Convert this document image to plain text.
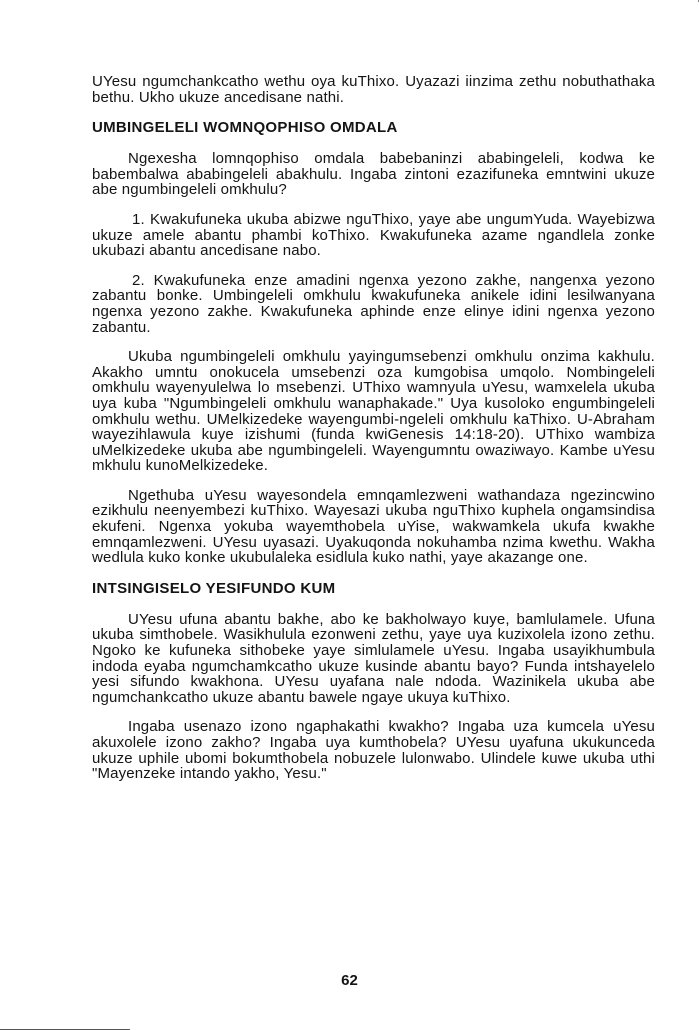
UYesu ngumchankcatho wethu oya kuThixo. Uyazazi iinzima zethu nobuthathaka bethu. Ukho ukuze ancedisane nathi.

UMBINGELELI WOMNQOPHISO OMDALA

Ngexesha lomnqophiso omdala babebaninzi ababingeleli, kodwa ke babembalwa ababingeleli abakhulu. Ingaba zintoni ezazifuneka emntwini ukuze abe ngumbingeleli omkhulu?

1. Kwakufuneka ukuba abizwe nguThixo, yaye abe ungumYuda. Wayebizwa ukuze amele abantu phambi koThixo. Kwakufuneka azame ngandlela zonke ukubazi abantu ancedisane nabo.

2. Kwakufuneka enze amadini ngenxa yezono zakhe, nangenxa yezono zabantu bonke. Umbingeleli omkhulu kwakufuneka anikele idini lesilwanyana ngenxa yezono zakhe. Kwakufuneka aphinde enze elinye idini ngenxa yezono zabantu.

Ukuba ngumbingeleli omkhulu yayingumsebenzi omkhulu onzima kakhulu. Akakho umntu onokucela umsebenzi oza kumgobisa umqolo. Nombingeleli omkhulu wayenyulelwa lo msebenzi. UThixo wamnyula uYesu, wamxelela ukuba uya kuba "Ngumbingeleli omkhulu wanaphakade." Uya kusoloko engumbingeleli omkhulu wethu. UMelkizedeke wayengumbi-ngeleli omkhulu kaThixo. U-Abraham wayezihlawula kuye izishumi (funda kwiGenesis 14:18-20). UThixo wambiza uMelkizedeke ukuba abe ngumbingeleli. Wayengumntu owaziwayo. Kambe uYesu mkhulu kunoMelkizedeke.

Ngethuba uYesu wayesondela emnqamlezweni wathandaza ngezincwino ezikhulu neenyembezi kuThixo. Wayesazi ukuba nguThixo kuphela ongamsindisa ekufeni. Ngenxa yokuba wayemthobela uYise, wakwamkela ukufa kwakhe emnqamlezweni. UYesu uyasazi. Uyakuqonda nokuhamba nzima kwethu. Wakha wedlula kuko konke ukubulaleka esidlula kuko nathi, yaye akazange one.

INTSINGISELO YESIFUNDO KUM

UYesu ufuna abantu bakhe, abo ke bakholwayo kuye, bamlulamele. Ufuna ukuba simthobele. Wasikhulula ezonweni zethu, yaye uya kuzixolela izono zethu. Ngoko ke kufuneka sithobeke yaye simlulamele uYesu. Ingaba usayikhumbula indoda eyaba ngumchamkcatho ukuze kusinde abantu bayo? Funda intshayelelo yesi sifundo kwakhona. UYesu uyafana nale ndoda. Wazinikela ukuba abe ngumchankcatho ukuze abantu bawele ngaye ukuya kuThixo.

Ingaba usenazo izono ngaphakathi kwakho? Ingaba uza kumcela uYesu akuxolele izono zakho? Ingaba uya kumthobela? UYesu uyafuna ukukunceda ukuze uphile ubomi bokumthobela nobuzele lulonwabo. Ulindele kuwe ukuba uthi "Mayenzeke intando yakho, Yesu."

62
